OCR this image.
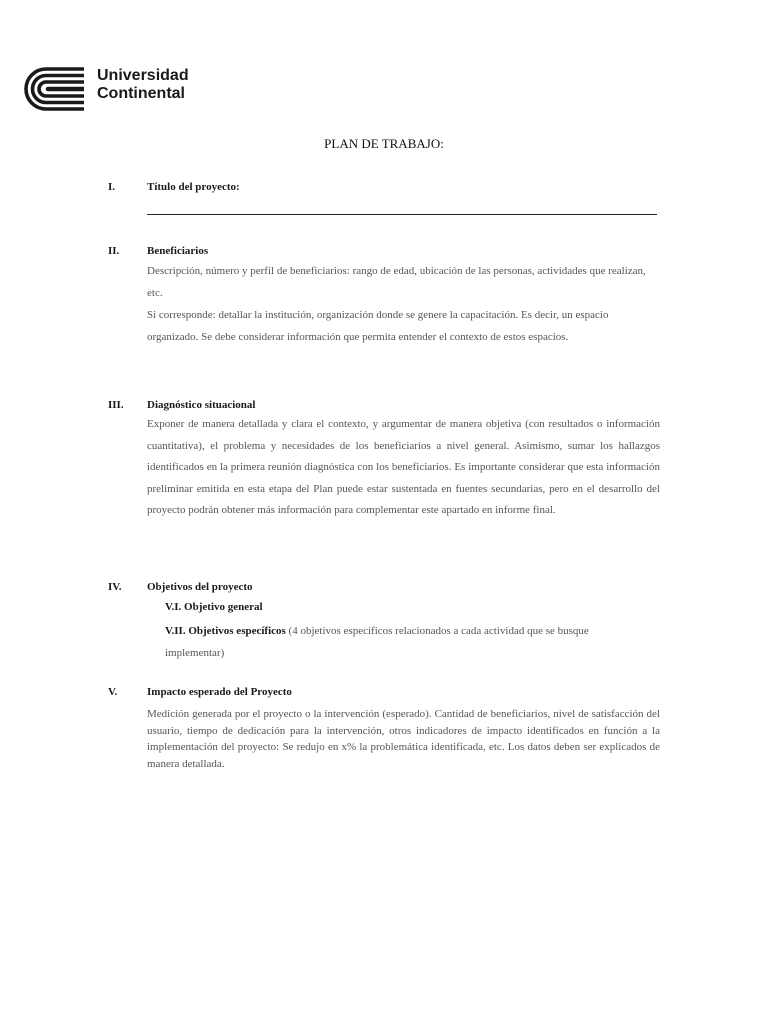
Universidad
Continental
PLAN DE TRABAJO:
I.	Título del proyecto:
II.	Beneficiarios
Descripción, número y perfil de beneficiarios: rango de edad, ubicación de las personas, actividades que realizan, etc.
Si corresponde: detallar la institución, organización donde se genere la capacitación. Es decir, un espacio organizado. Se debe considerar información que permita entender el contexto de estos espacios.
III. Diagnóstico situacional
Exponer de manera detallada y clara el contexto, y argumentar de manera objetiva (con resultados o información cuantitativa), el problema y necesidades de los beneficiarios a nivel general. Asimismo, sumar los hallazgos identificados en la primera reunión diagnóstica con los beneficiarios. Es importante considerar que esta información preliminar emitida en esta etapa del Plan puede estar sustentada en fuentes secundarias, pero en el desarrollo del proyecto podrán obtener más información para complementar este apartado en informe final.
IV. Objetivos del proyecto
V.I. Objetivo general
V.II. Objetivos específicos (4 objetivos específicos relacionados a cada actividad que se busque implementar)
V.	Impacto esperado del Proyecto
Medición generada por el proyecto o la intervención (esperado). Cantidad de beneficiarios, nivel de satisfacción del usuario, tiempo de dedicación para la intervención, otros indicadores de impacto identificados en función a la implementación del proyecto: Se redujo en x% la problemática identificada, etc. Los datos deben ser explicados de manera detallada.
